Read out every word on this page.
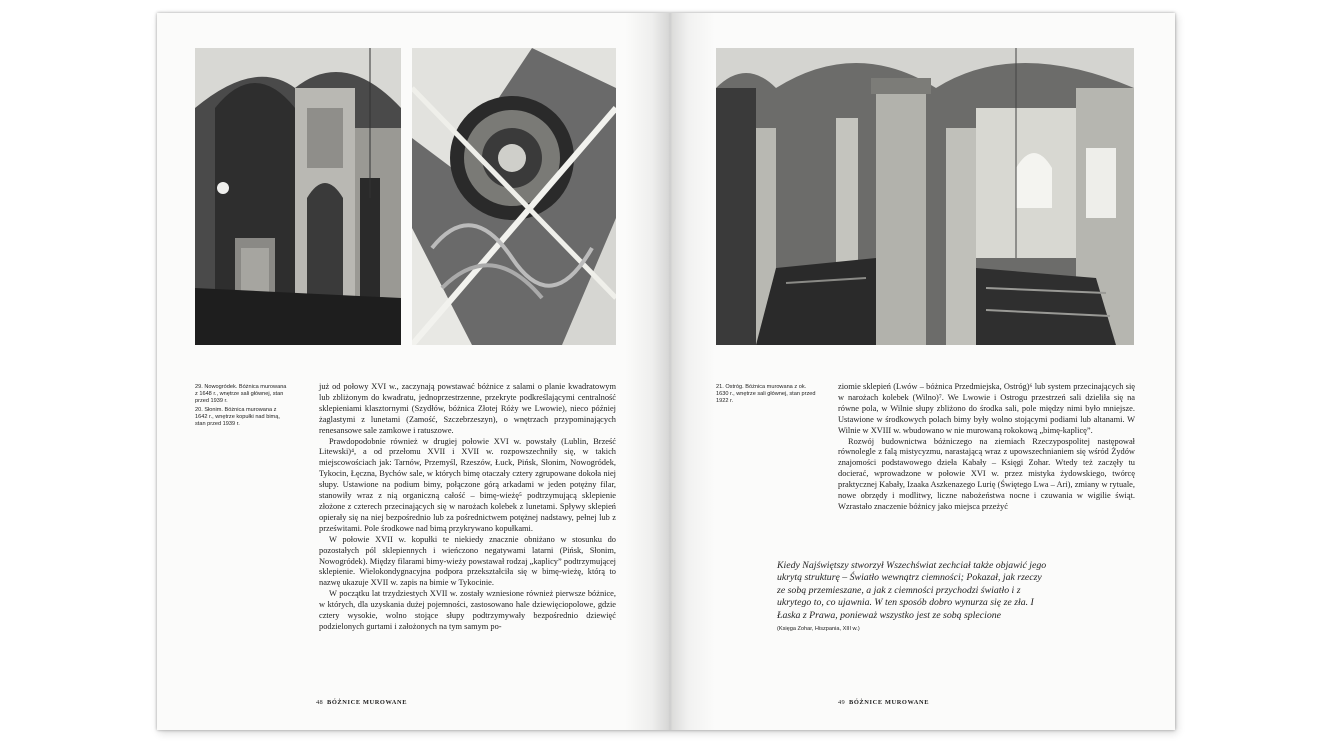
29. Nowogródek. Bóżnica murowana z 1648 r., wnętrze sali głównej, stan przed 1939 r.

20. Słonim. Bóżnica murowana z 1642 r., wnętrze kopułki nad bimą, stan przed 1939 r.

już od połowy XVI w., zaczynają powstawać bóżnice z salami o planie kwadratowym lub zbliżonym do kwadratu, jednoprzestrzenne, przekryte podkreślającymi centralność sklepieniami klasztornymi (Szydłów, bóżnica Złotej Róży we Lwowie), nieco później żaglastymi z lunetami (Zamość, Szczebrzeszyn), o wnętrzach przypominających renesansowe sale zamkowe i ratuszowe.

Prawdopodobnie również w drugiej połowie XVI w. powstały (Lublin, Brześć Litewski)⁴, a od przełomu XVII i XVII w. rozpowszechniły się, w takich miejscowościach jak: Tarnów, Przemyśl, Rzeszów, Łuck, Pińsk, Słonim, Nowogródek, Tykocin, Łęczna, Bychów sale, w których bimę otaczały cztery zgrupowane dokoła niej słupy. Ustawione na podium bimy, połączone górą arkadami w jeden potężny filar, stanowiły wraz z nią organiczną całość – bimę-wieżę⁵ podtrzymującą sklepienie złożone z czterech przecinających się w narożach kolebek z lunetami. Spływy sklepień opierały się na niej bezpośrednio lub za pośrednictwem potężnej nadstawy, pełnej lub z prześwitami. Pole środkowe nad bimą przykrywano kopułkami.

W połowie XVII w. kopułki te niekiedy znacznie obniżano w stosunku do pozostałych pól sklepiennych i wieńczono negatywami latarni (Pińsk, Słonim, Nowogródek). Między filarami bimy-wieży powstawał rodzaj „kaplicy” podtrzymującej sklepienie. Wielokondygnacyjna podpora przekształciła się w bimę-wieżę, którą to nazwę ukazuje XVII w. zapis na bimie w Tykocinie.

W początku lat trzydziestych XVII w. zostały wzniesione również pierwsze bóżnice, w których, dla uzyskania dużej pojemności, zastosowano hale dziewięciopolowe, gdzie cztery wysokie, wolno stojące słupy podtrzymywały bezpośrednio dziewięć podzielonych gurtami i założonych na tym samym po-

21. Ostróg. Bóżnica murowana z ok. 1630 r., wnętrze sali głównej, stan przed 1922 r.

ziomie sklepień (Lwów – bóżnica Przedmiejska, Ostróg)⁶ lub system przecinających się w narożach kolebek (Wilno)⁷. We Lwowie i Ostrogu przestrzeń sali dzieliła się na równe pola, w Wilnie słupy zbliżono do środka sali, pole między nimi było mniejsze. Ustawione w środkowych polach bimy były wolno stojącymi podiami lub altanami. W Wilnie w XVIII w. wbudowano w nie murowaną rokokową „bimę-kaplicę”.

Rozwój budownictwa bóżniczego na ziemiach Rzeczypospolitej następował równolegle z falą mistycyzmu, narastającą wraz z upowszechnianiem się wśród Żydów znajomości podstawowego dzieła Kabały – Księgi Zohar. Wtedy też zaczęły tu docierać, wprowadzone w połowie XVI w. przez mistyka żydowskiego, twórcę praktycznej Kabały, Izaaka Aszkenazego Lurię (Świętego Lwa – Ari), zmiany w rytuale, nowe obrzędy i modlitwy, liczne nabożeństwa nocne i czuwania w wigilie świąt. Wzrastało znaczenie bóżnicy jako miejsca przeżyć

Kiedy Najświętszy stworzył Wszechświat zechciał także objawić jego ukrytą strukturę – Światło wewnątrz ciemności; Pokazał, jak rzeczy ze sobą przemieszane, a jak z ciemności przychodzi światło i z ukrytego to, co ujawnia. W ten sposób dobro wynurza się ze zła. I Łaska z Prawa, ponieważ wszystko jest ze sobą splecione
(Księga Zohar, Hiszpania, XIII w.)
48 BÓŻNICE MUROWANE	49 BÓŻNICE MUROWANE
